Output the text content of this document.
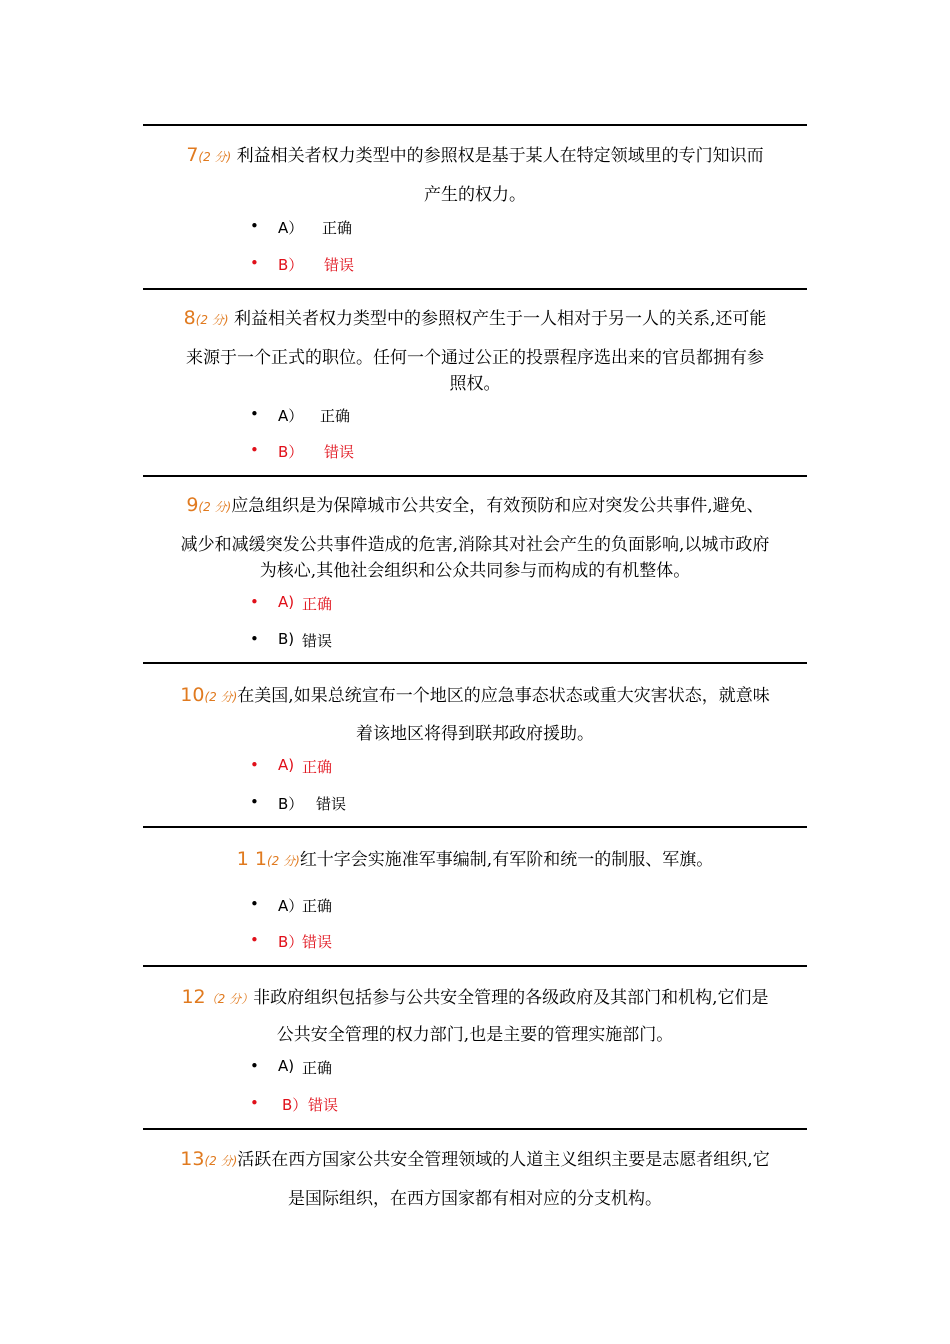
7(2 分) 利益相关者权力类型中的参照权是基于某人在特定领域里的专门知识而
产生的权力。
• A） 正确
• B） 错误
8(2 分) 利益相关者权力类型中的参照权产生于一人相对于另一人的关系,还可能
来源于一个正式的职位。任何一个通过公正的投票程序选出来的官员都拥有参
照权。
• A） 正确
• B） 错误
9(2 分)应急组织是为保障城市公共安全，有效预防和应对突发公共事件,避免、
减少和减缓突发公共事件造成的危害,消除其对社会产生的负面影响,以城市政府
为核心,其他社会组织和公众共同参与而构成的有机整体。
• A) 正确
• B) 错误
10(2 分)在美国,如果总统宣布一个地区的应急事态状态或重大灾害状态，就意味
着该地区将得到联邦政府援助。
• A) 正确
• B） 错误
1 1(2 分)红十字会实施准军事编制,有军阶和统一的制服、军旗。
• A）
正确
• B）
错误
12（2 分）非政府组织包括参与公共安全管理的各级政府及其部门和机构,它们是
公共安全管理的权力部门,也是主要的管理实施部门。
• A) 正确
• B） 错误
13(2 分)活跃在西方国家公共安全管理领域的人道主义组织主要是志愿者组织,它
是国际组织，在西方国家都有相对应的分支机构。
